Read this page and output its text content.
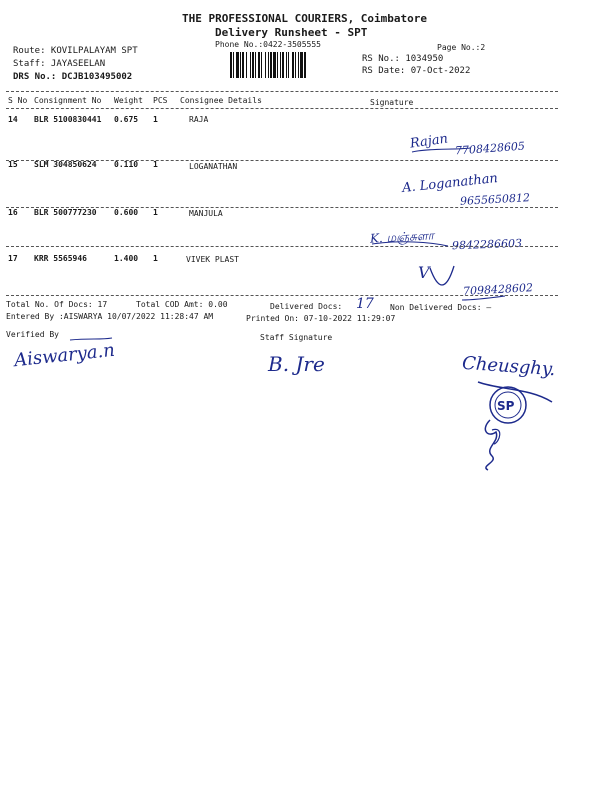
THE PROFESSIONAL COURIERS, Coimbatore
Delivery Runsheet - SPT
Phone No.:0422-3505555	Page No.:2
Route: KOVILPALAYAM SPT
Staff: JAYASEELAN
DRS No.: DCJB103495002
RS No.: 1034950
RS Date: 07-Oct-2022
S No Consignment No Weight PCS Consignee Details	Signature
14 BLR 5100830441 0.675 1	RAJA
Rajan 7708428605
15 SLM 304850624 0.110 1	LOGANATHAN
A. Loganathan
9655650812
16 BLR 500777230 0.600 1	MANJULA
K. மஞ்சுளா 9842286603
17 KRR 5565946	1.400 1	VIVEK PLAST
V
7098428602
Total No. Of Docs: 17	Total COD Amt: 0.00	Delivered Docs: 17 Non Delivered Docs: —
Entered By :AISWARYA 10/07/2022 11:28:47 AM	Printed On: 07-10-2022 11:29:07
Verified By	Staff Signature
Aiswarya.n	B. Jre	Cheusghy.
SP
